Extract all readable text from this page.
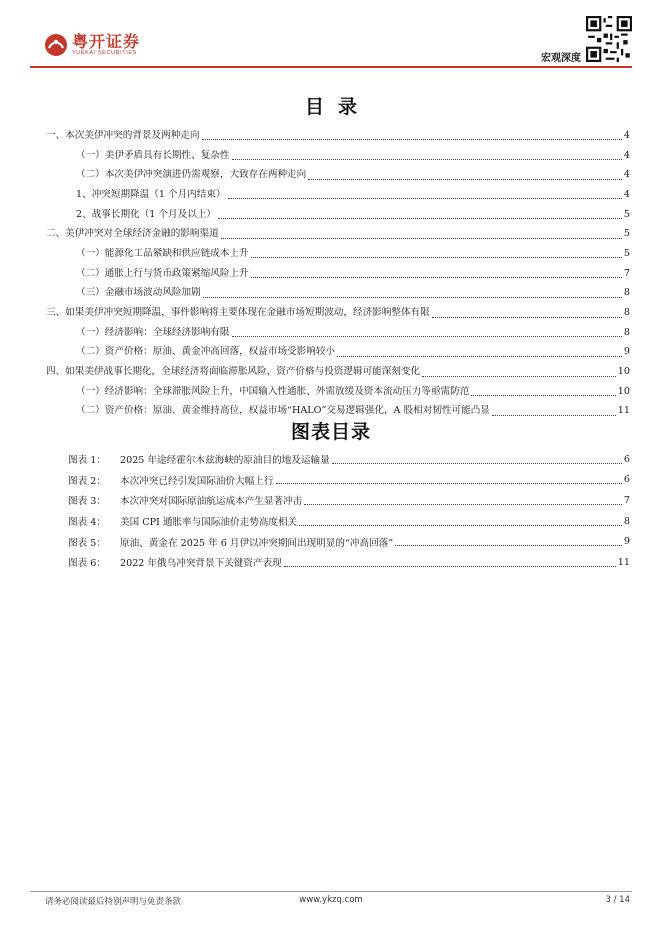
粤开证券
YUEKAI SECURITIES	宏观深度
目录
一、本次美伊冲突的背景及两种走向	4
（一）美伊矛盾具有长期性、复杂性	4
（二）本次美伊冲突演进仍需观察，大致存在两种走向	4
1、冲突短期降温（1 个月内结束）	4
2、战事长期化（1 个月及以上）	5
二、美伊冲突对全球经济金融的影响渠道	5
（一）能源化工品紧缺和供应链成本上升	5
（二）通胀上行与货币政策紧缩风险上升	7
（三）金融市场波动风险加剧	8
三、如果美伊冲突短期降温，事件影响将主要体现在金融市场短期波动，经济影响整体有限	8
（一）经济影响：全球经济影响有限	8
（二）资产价格：原油、黄金冲高回落，权益市场受影响较小	9
四、如果美伊战事长期化，全球经济将面临滞胀风险，资产价格与投资逻辑可能深刻变化	10
（一）经济影响：全球滞胀风险上升，中国输入性通胀、外需放缓及资本流动压力等亟需防范	10
（二）资产价格：原油、黄金维持高位，权益市场“HALO”交易逻辑强化，A 股相对韧性可能凸显	11
图表目录
图表 1：	2025 年途经霍尔木兹海峡的原油目的地及运输量	6
图表 2：	本次冲突已经引发国际油价大幅上行	6
图表 3：	本次冲突对国际原油航运成本产生显著冲击	7
图表 4：	美国 CPI 通胀率与国际油价走势高度相关	8
图表 5：	原油、黄金在 2025 年 6 月伊以冲突期间出现明显的“冲高回落”	9
图表 6：	2022 年俄乌冲突背景下关键资产表现	11
请务必阅读最后特别声明与免责条款	www.ykzq.com	3 / 14
